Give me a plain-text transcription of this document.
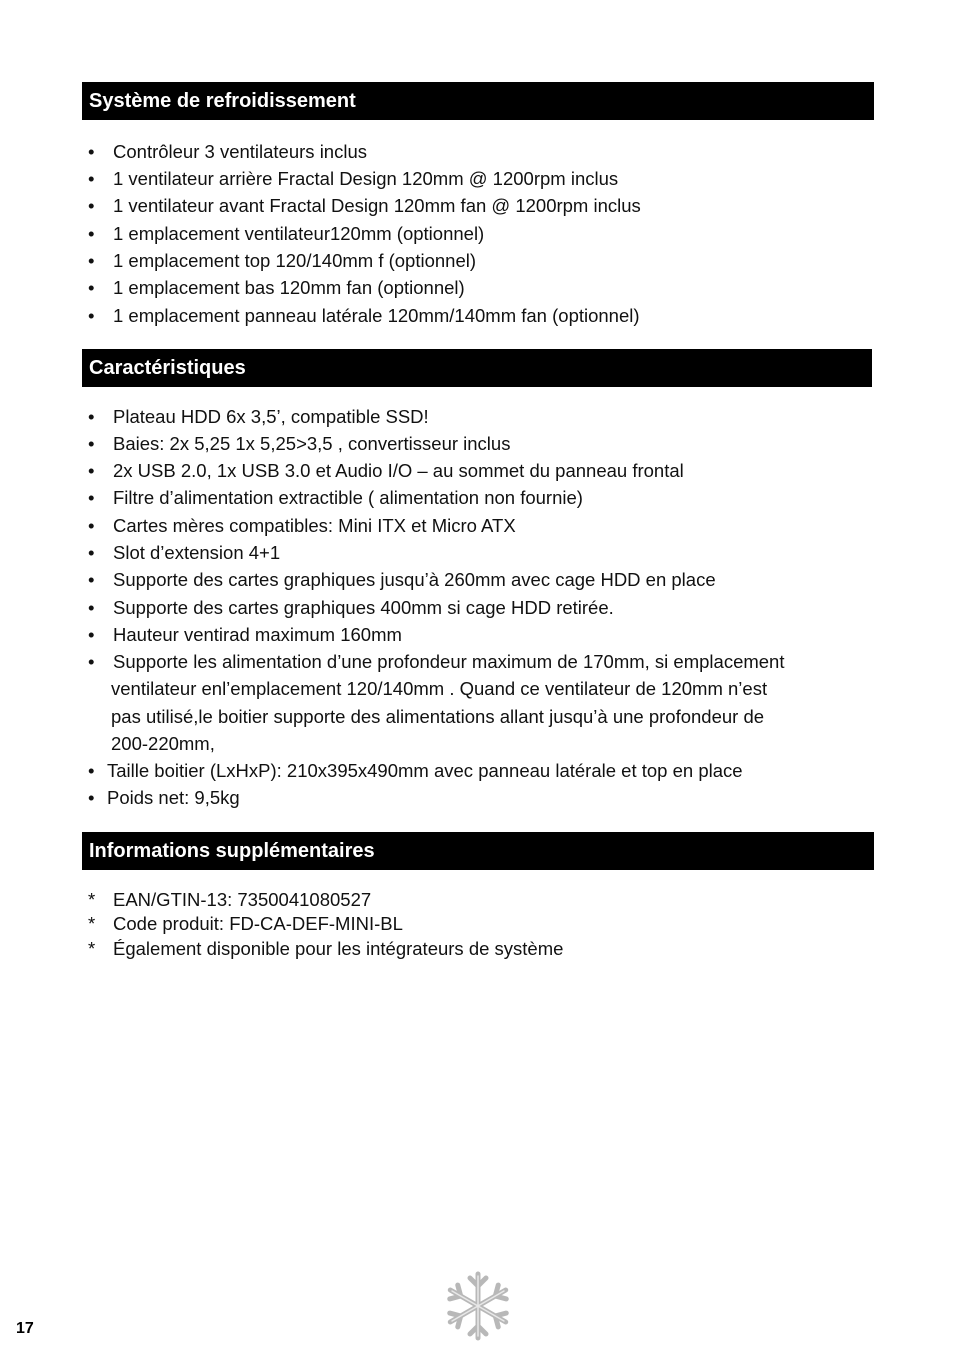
Système de refroidissement
• Contrôleur 3 ventilateurs inclus
• 1 ventilateur arrière Fractal Design 120mm @ 1200rpm inclus
• 1 ventilateur avant Fractal Design 120mm fan @ 1200rpm inclus
• 1 emplacement ventilateur120mm (optionnel)
• 1 emplacement top 120/140mm f (optionnel)
• 1 emplacement bas 120mm fan (optionnel)
• 1 emplacement panneau latérale 120mm/140mm fan (optionnel)
Caractéristiques
• Plateau HDD 6x 3,5’, compatible SSD!
• Baies: 2x 5,25 1x 5,25>3,5 , convertisseur inclus
• 2x USB 2.0, 1x USB 3.0 et Audio I/O – au sommet du panneau frontal
• Filtre d’alimentation extractible ( alimentation non fournie)
• Cartes mères compatibles: Mini ITX et Micro ATX
• Slot d’extension 4+1
• Supporte des cartes graphiques jusqu’à 260mm avec cage HDD en place
• Supporte des cartes graphiques 400mm si cage HDD retirée.
• Hauteur ventirad maximum 160mm
• Supporte les alimentation d’une profondeur maximum de 170mm, si emplacement
ventilateur enl’emplacement 120/140mm . Quand ce ventilateur de 120mm n’est
pas utilisé,le boitier supporte des alimentations allant jusqu’à une profondeur de
200-220mm,
• Taille boitier (LxHxP): 210x395x490mm avec panneau latérale et top en place
• Poids net: 9,5kg
Informations supplémentaires
* EAN/GTIN-13: 7350041080527
* Code produit: FD-CA-DEF-MINI-BL
* Également disponible pour les intégrateurs de système
17
